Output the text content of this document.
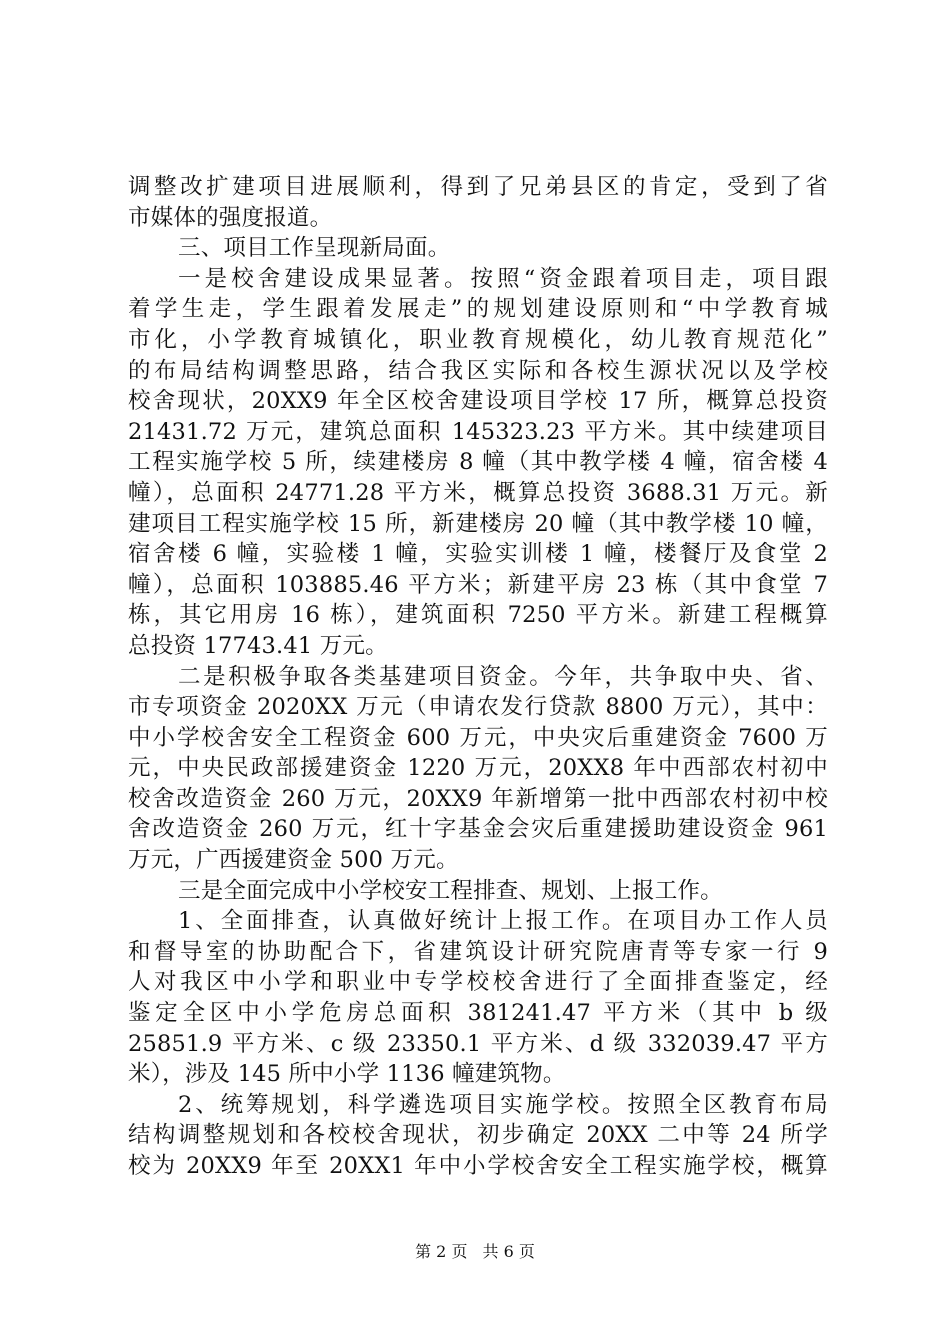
调整改扩建项目进展顺利，得到了兄弟县区的肯定，受到了省
市媒体的强度报道。
三、项目工作呈现新局面。
一是校舍建设成果显著。按照“资金跟着项目走，项目跟
着学生走，学生跟着发展走”的规划建设原则和“中学教育城
市化，小学教育城镇化，职业教育规模化，幼儿教育规范化”
的布局结构调整思路，结合我区实际和各校生源状况以及学校
校舍现状，20XX9 年全区校舍建设项目学校 17 所，概算总投资
21431.72 万元，建筑总面积 145323.23 平方米。其中续建项目
工程实施学校 5 所，续建楼房 8 幢（其中教学楼 4 幢，宿舍楼 4
幢），总面积 24771.28 平方米，概算总投资 3688.31 万元。新
建项目工程实施学校 15 所，新建楼房 20 幢（其中教学楼 10 幢，
宿舍楼 6 幢，实验楼 1 幢，实验实训楼 1 幢，楼餐厅及食堂 2
幢），总面积 103885.46 平方米；新建平房 23 栋（其中食堂 7
栋，其它用房 16 栋），建筑面积 7250 平方米。新建工程概算
总投资 17743.41 万元。
二是积极争取各类基建项目资金。今年，共争取中央、省、
市专项资金 2020XX 万元（申请农发行贷款 8800 万元），其中：
中小学校舍安全工程资金 600 万元，中央灾后重建资金 7600 万
元，中央民政部援建资金 1220 万元，20XX8 年中西部农村初中
校舍改造资金 260 万元，20XX9 年新增第一批中西部农村初中校
舍改造资金 260 万元，红十字基金会灾后重建援助建设资金 961
万元，广西援建资金 500 万元。
三是全面完成中小学校安工程排查、规划、上报工作。
1、全面排查，认真做好统计上报工作。在项目办工作人员
和督导室的协助配合下，省建筑设计研究院唐青等专家一行 9
人对我区中小学和职业中专学校校舍进行了全面排查鉴定，经
鉴定全区中小学危房总面积 381241.47 平方米（其中 b 级
25851.9 平方米、c 级 23350.1 平方米、d 级 332039.47 平方
米），涉及 145 所中小学 1136 幢建筑物。
2、统筹规划，科学遴选项目实施学校。按照全区教育布局
结构调整规划和各校校舍现状，初步确定 20XX 二中等 24 所学
校为 20XX9 年至 20XX1 年中小学校舍安全工程实施学校，概算
第 2 页 共 6 页
